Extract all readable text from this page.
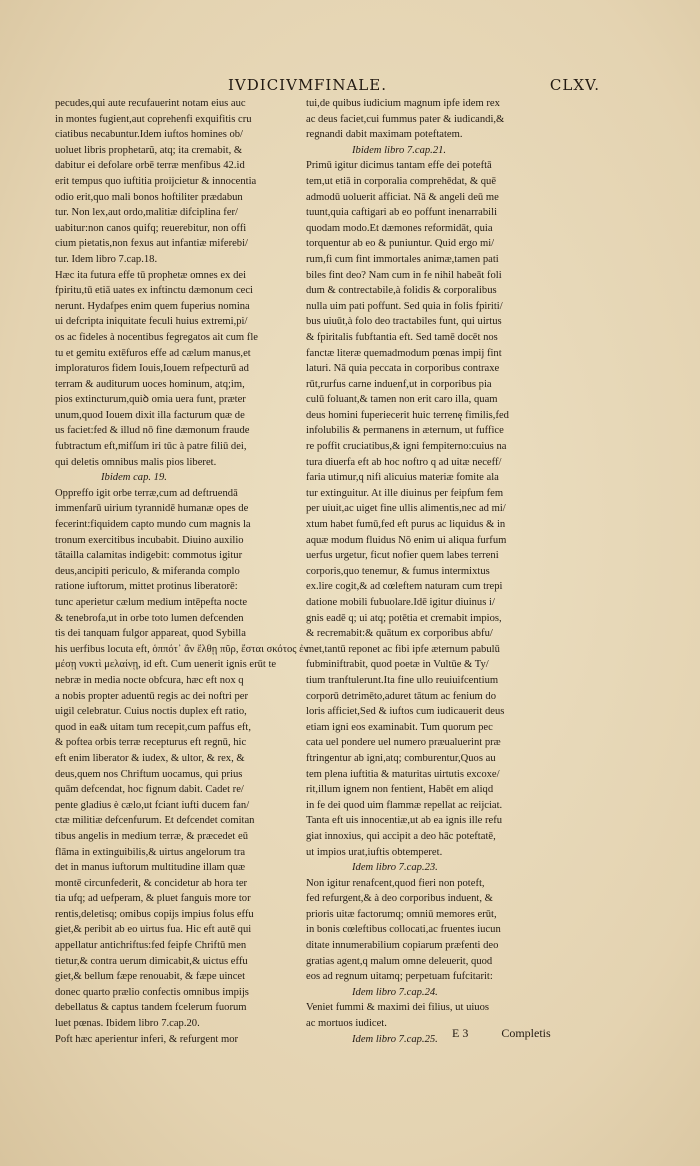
IVDICIVM FINALE.	CLXV.

pecudes,qui aute recufauerint notam eius auc

in montes fugient,aut coprehenfi exquifitis cru

ciatibus necabuntur.Idem iuftos homines ob/

uoluet libris prophetarũ, atq; ita cremabit, &

dabitur ei defolare orbē terræ menfibus 42.id

erit tempus quo iuftitia proijcietur & innocentia

odio erit,quo mali bonos hoftiliter prædabun

tur. Non lex,aut ordo,malitiæ difciplina fer/

uabitur:non canos quifq; reuerebitur, non offi

cium pietatis,non fexus aut infantiæ miferebi/

tur. Idem libro 7.cap.18.

Hæc ita futura effe tū prophetæ omnes ex dei

fpiritu,tū etiā uates ex inftinctu dæmonum ceci

nerunt. Hydafpes enim quem fuperius nomina

ui defcripta iniquitate feculi huius extremi,pi/

os ac fideles à nocentibus fegregatos ait cum fle

tu et gemitu extēfuros effe ad cælum manus,et

imploraturos fidem Iouis,Iouem refpecturū ad

terram & auditurum uoces hominum, atq;im,

pios extincturum,quiꝺ omia uera funt, præter

unum,quod Iouem dixit illa facturum quæ de

us faciet:fed & illud nō fine dæmonum fraude

fubtractum eft,mifſum iri tūc à patre filiū dei,

qui deletis omnibus malis pios liberet.

Ibidem cap. 19.

Oppreffo igit orbe terræ,cum ad deftruendā

immenfarū uirium tyrannidē humanæ opes de

fecerint:fiquidem capto mundo cum magnis la

tronum exercitibus incubabit. Diuino auxilio

tātailla calamitas indigebit: commotus igitur

deus,ancipiti periculo, & miferanda complo

ratione iuftorum, mittet protinus liberatorē:

tunc aperietur cælum medium intēpefta nocte

& tenebrofa,ut in orbe toto lumen defcenden

tis dei tanquam fulgor appareat, quod Sybilla

his uerfibus locuta eft, ὁππότ᾽ ἂν ἔλθῃ πῦρ, ἔσται σκότος ἐν

μέσῃ νυκτὶ μελαίνῃ, id eft. Cum uenerit ignis erūt te

nebræ in media nocte obfcura, hæc eft nox q

a nobis propter aduentū regis ac dei noftri per

uigil celebratur. Cuius noctis duplex eft ratio,

quod in ea& uitam tum recepit,cum paffus eft,

& poftea orbis terræ recepturus eft regnū, hic

eft enim liberator & iudex, & ultor, & rex, &

deus,quem nos Chriftum uocamus, qui prius

quām defcendat, hoc fignum dabit. Cadet re/

pente gladius è cælo,ut fciant iufti ducem fan/

ctæ militiæ defcenfurum. Et defcendet comitan

tibus angelis in medium terræ, & præcedet eū

flāma in extinguibilis,& uirtus angelorum tra

det in manus iuftorum multitudine illam quæ

montē circunfederit, & concidetur ab hora ter

tia ufq; ad uefperam, & pluet fanguis more tor

rentis,deletisq; omibus copijs impius folus effu

giet,& peribit ab eo uirtus fua. Hic eft autē qui

appellatur antichriftus:fed feipfe Chriftū men

tietur,& contra uerum dimicabit,& uictus effu

giet,& bellum fæpe renouabit, & fæpe uincet

donec quarto prælio confectis omnibus impijs

debellatus & captus tandem fcelerum fuorum

luet pœnas. Ibidem libro 7.cap.20.

Poft hæc aperientur inferi, & refurgent mor

tui,de quibus iudicium magnum ipfe idem rex

ac deus faciet,cui fummus pater & iudicandi,&

regnandi dabit maximam poteftatem.

Ibidem libro 7.cap.21.

Primū igitur dicimus tantam effe dei poteftā

tem,ut etiā in corporalia comprehēdat, & quē

admodū uoluerit afficiat. Nā & angeli deū me

tuunt,quia caftigari ab eo poffunt inenarrabili

quodam modo.Et dæmones reformidāt, quia

torquentur ab eo & puniuntur. Quid ergo mi/

rum,fi cum fint immortales animæ,tamen pati

biles fint deo? Nam cum in fe nihil habeāt foli

dum & contrectabile,à folidis & corporalibus

nulla uim pati poffunt. Sed quia in folis fpiriti/

bus uiuūt,à folo deo tractabiles funt, qui uirtus

& fpiritalis fubftantia eft. Sed tamē docēt nos

fanctæ literæ quemadmodum pœnas impij fint

laturi. Nā quia peccata in corporibus contraxe

rūt,rurfus carne induenf,ut in corporibus pia

culū foluant,& tamen non erit caro illa, quam

deus homini fuperiecerit huic terrenę fimilis,fed

infolubilis & permanens in æternum, ut fuffice

re poffit cruciatibus,& igni fempiterno:cuius na

tura diuerfa eft ab hoc noftro q ad uitæ neceff/

faria utimur,q nifi alicuius materiæ fomite ala

tur extinguitur. At ille diuinus per feipfum fem

per uiuit,ac uiget fine ullis alimentis,nec ad mi/

xtum habet fumū,fed eft purus ac liquidus & in

aquæ modum fluidus Nō enim ui aliqua furfum

uerfus urgetur, ficut nofier quem labes terreni

corporis,quo tenemur, & fumus intermixtus

ex.lire cogit,& ad cœleftem naturam cum trepi

datione mobili fubuolare.Idē igitur diuinus i/

gnis eadē q; ui atq; potētia et cremabit impios,

& recremabit:& quātum ex corporibus abfu/

met,tantū reponet ac fibi ipfe æternum pabulū

fubminiftrabit, quod poetæ in Vultūe & Ty/

tium tranftulerunt.Ita fine ullo reuiuifcentium

corporū detrimēto,aduret tātum ac fenium do

loris afficiet,Sed & iuftos cum iudicauerit deus

etiam igni eos examinabit. Tum quorum pec

cata uel pondere uel numero præualuerint præ

ftringentur ab igni,atq; comburentur,Quos au

tem plena iuftitia & maturitas uirtutis excoxe/

rit,illum ignem non fentient, Habēt em aliqd

in fe dei quod uim flammæ repellat ac reijciat.

Tanta eft uis innocentiæ,ut ab ea ignis ille refu

giat innoxius, qui accipit a deo hāc poteftatē,

ut impios urat,iuftis obtemperet.

Idem libro 7.cap.23.

Non igitur renafcent,quod fieri non poteft,

fed refurgent,& à deo corporibus induent, &

prioris uitæ factorumq; omniū memores erūt,

in bonis cœleftibus collocati,ac fruentes iucun

ditate innumerabilium copiarum præfenti deo

gratias agent,q malum omne deleuerit, quod

eos ad regnum uitamq; perpetuam fufcitarit:

Idem libro 7.cap.24.

Veniet fummi & maximi dei filius, ut uiuos

ac mortuos iudicet.

Idem libro 7.cap.25.	E 3	Completis
